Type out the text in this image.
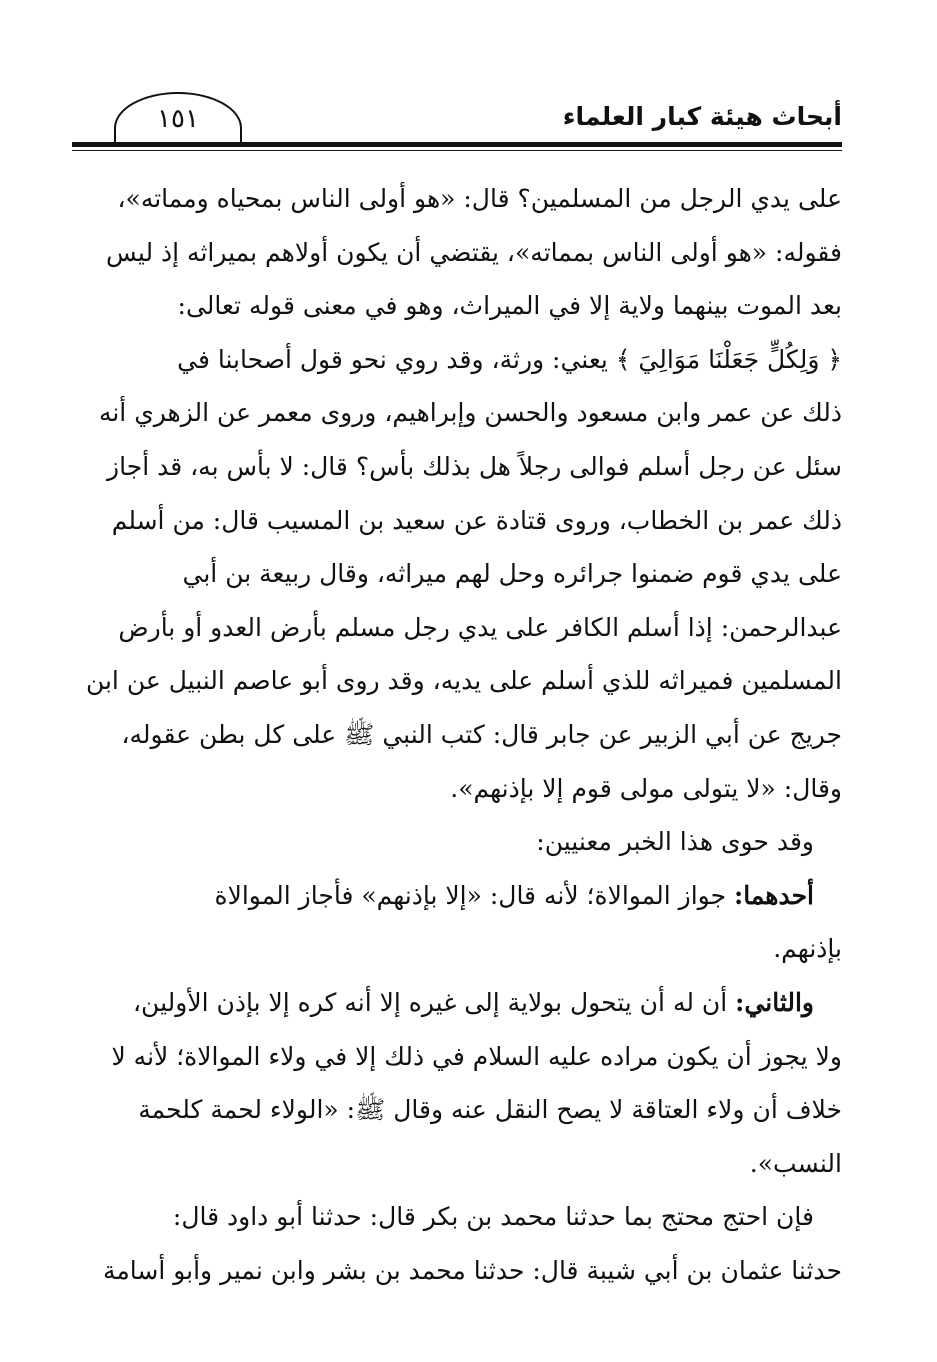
أبحاث هيئة كبار العلماء
١٥١
على يدي الرجل من المسلمين؟ قال: «هو أولى الناس بمحياه ومماته»،
فقوله: «هو أولى الناس بمماته»، يقتضي أن يكون أولاهم بميراثه إذ ليس
بعد الموت بينهما ولاية إلا في الميراث، وهو في معنى قوله تعالى:
﴿ وَلِكُلٍّ جَعَلْنَا مَوَالِيَ ﴾ يعني: ورثة، وقد روي نحو قول أصحابنا في
ذلك عن عمر وابن مسعود والحسن وإبراهيم، وروى معمر عن الزهري أنه
سئل عن رجل أسلم فوالى رجلاً هل بذلك بأس؟ قال: لا بأس به، قد أجاز
ذلك عمر بن الخطاب، وروى قتادة عن سعيد بن المسيب قال: من أسلم
على يدي قوم ضمنوا جرائره وحل لهم ميراثه، وقال ربيعة بن أبي
عبدالرحمن: إذا أسلم الكافر على يدي رجل مسلم بأرض العدو أو بأرض
المسلمين فميراثه للذي أسلم على يديه، وقد روى أبو عاصم النبيل عن ابن
جريج عن أبي الزبير عن جابر قال: كتب النبي ﷺ على كل بطن عقوله،
وقال: «لا يتولى مولى قوم إلا بإذنهم».
وقد حوى هذا الخبر معنيين:
أحدهما: جواز الموالاة؛ لأنه قال: «إلا بإذنهم» فأجاز الموالاة
بإذنهم.
والثاني: أن له أن يتحول بولاية إلى غيره إلا أنه كره إلا بإذن الأولين،
ولا يجوز أن يكون مراده عليه السلام في ذلك إلا في ولاء الموالاة؛ لأنه لا
خلاف أن ولاء العتاقة لا يصح النقل عنه وقال ﷺ: «الولاء لحمة كلحمة
النسب».
فإن احتج محتج بما حدثنا محمد بن بكر قال: حدثنا أبو داود قال:
حدثنا عثمان بن أبي شيبة قال: حدثنا محمد بن بشر وابن نمير وأبو أسامة
